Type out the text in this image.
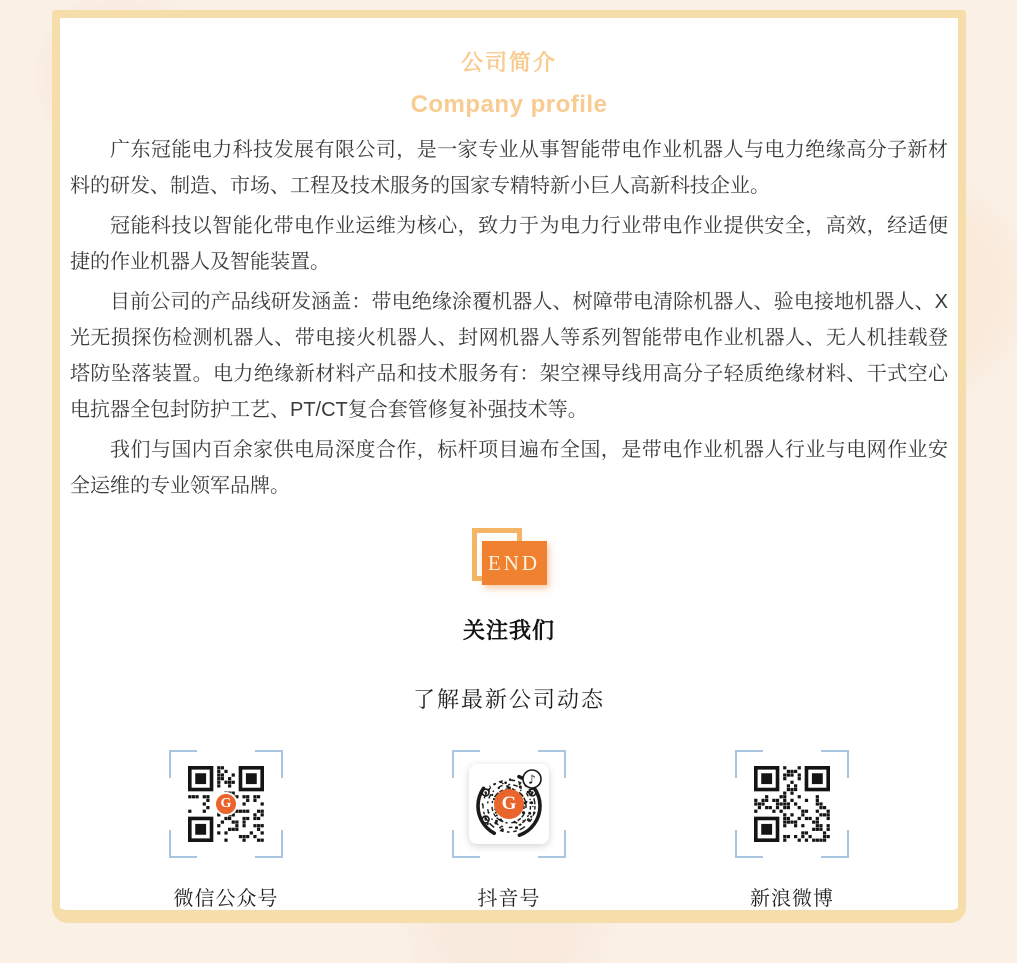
公司简介
Company profile

广东冠能电力科技发展有限公司，是一家专业从事智能带电作业机器人与电力绝缘高分子新材料的研发、制造、市场、工程及技术服务的国家专精特新小巨人高新科技企业。

冠能科技以智能化带电作业运维为核心，致力于为电力行业带电作业提供安全，高效，经适便捷的作业机器人及智能装置。

目前公司的产品线研发涵盖：带电绝缘涂覆机器人、树障带电清除机器人、验电接地机器人、X光无损探伤检测机器人、带电接火机器人、封网机器人等系列智能带电作业机器人、无人机挂载登塔防坠落装置。电力绝缘新材料产品和技术服务有：架空裸导线用高分子轻质绝缘材料、干式空心电抗器全包封防护工艺、PT/CT复合套管修复补强技术等。

我们与国内百余家供电局深度合作，标杆项目遍布全国，是带电作业机器人行业与电网作业安全运维的专业领军品牌。

END
关注我们
了解最新公司动态
G
微信公众号
♪
G
抖音号	新浪微博
